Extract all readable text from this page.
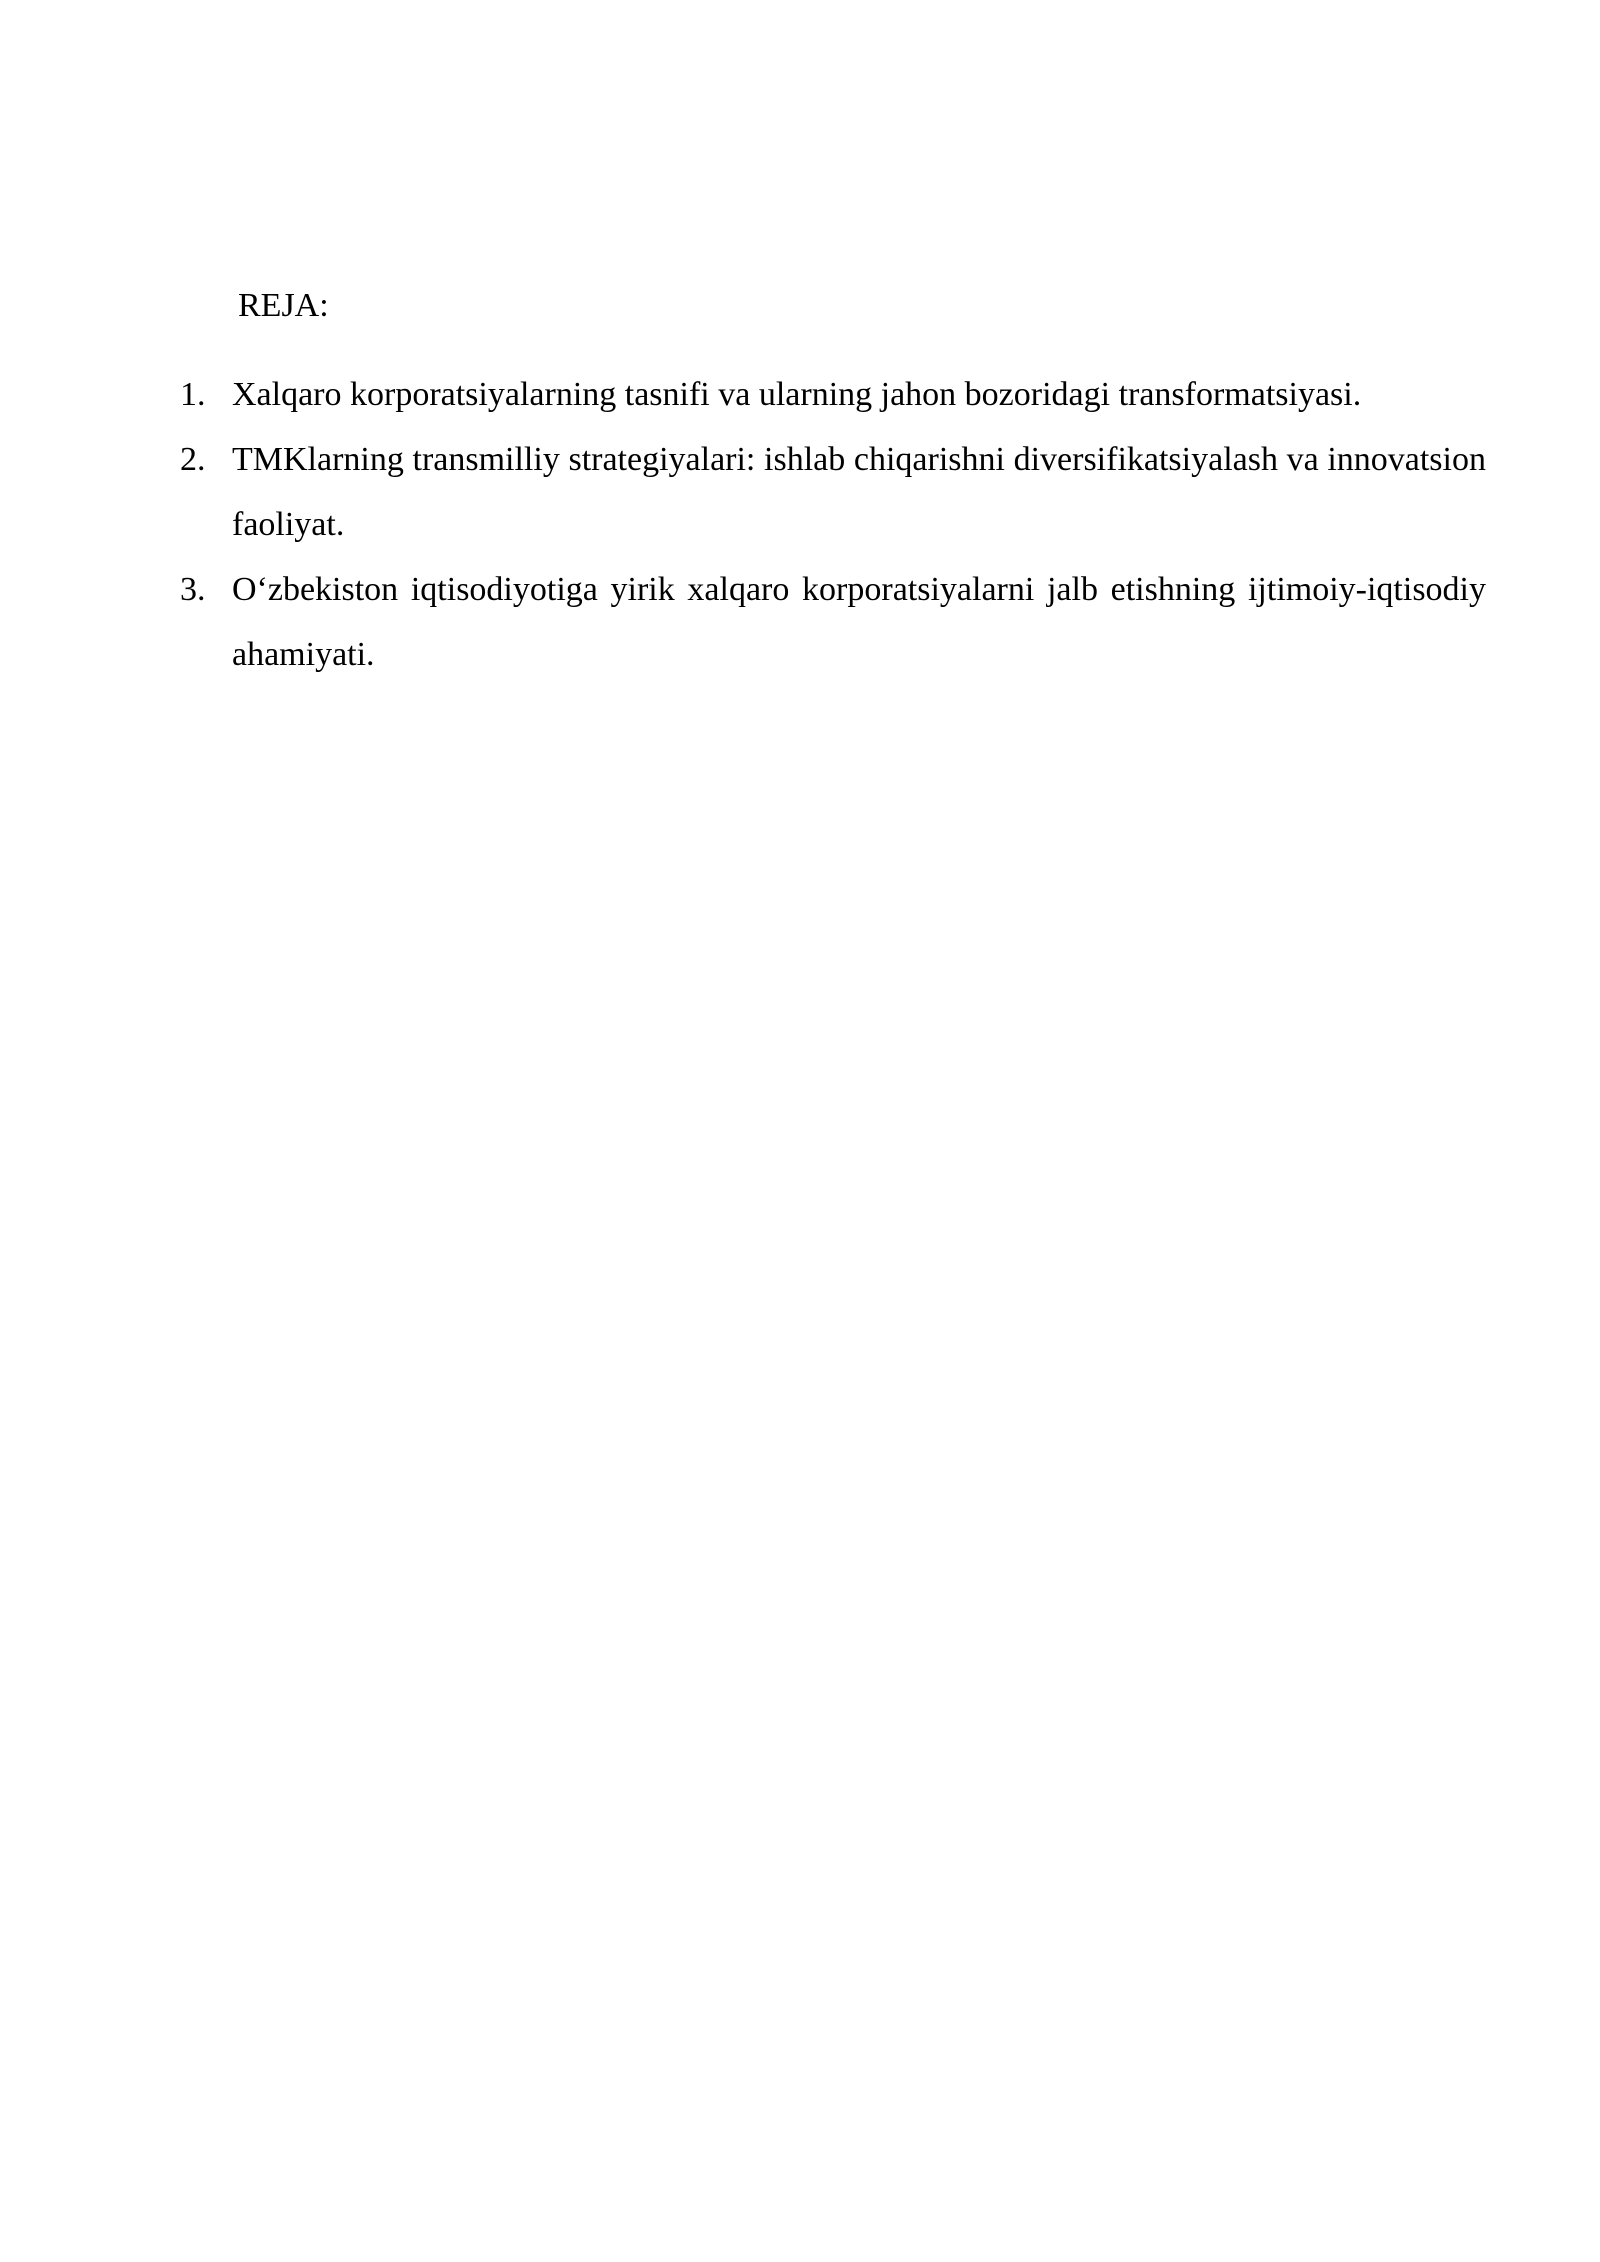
REJA:

1. Xalqaro korporatsiyalarning tasnifi va ularning jahon bozoridagi transformatsiyasi.
2. TMKlarning transmilliy strategiyalari: ishlab chiqarishni diversifikatsiyalash va innovatsion faoliyat.
3. O‘zbekiston iqtisodiyotiga yirik xalqaro korporatsiyalarni jalb etishning ijtimoiy-iqtisodiy ahamiyati.
